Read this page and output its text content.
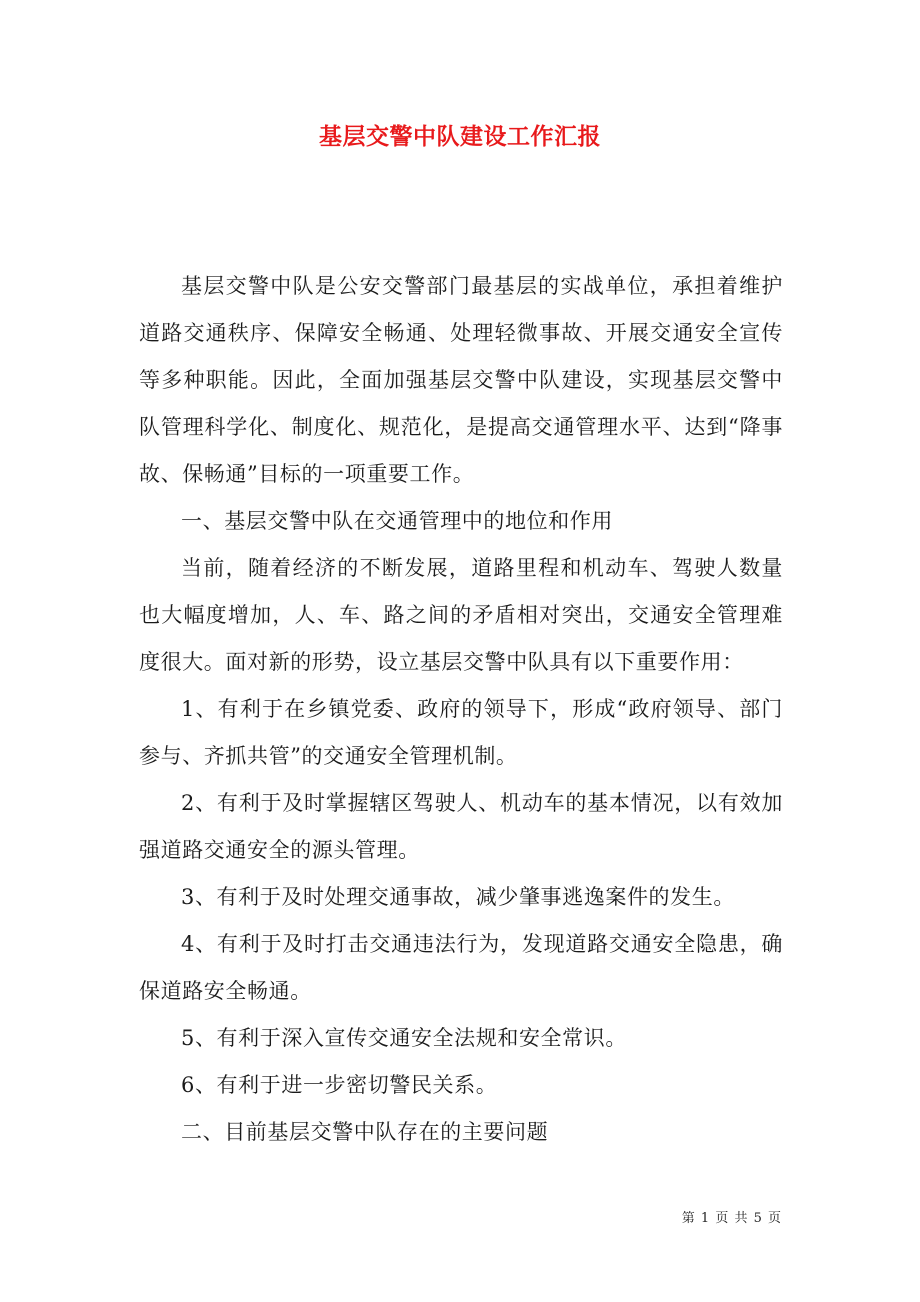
基层交警中队建设工作汇报

基层交警中队是公安交警部门最基层的实战单位，承担着维护道路交通秩序、保障安全畅通、处理轻微事故、开展交通安全宣传等多种职能。因此，全面加强基层交警中队建设，实现基层交警中队管理科学化、制度化、规范化，是提高交通管理水平、达到“降事故、保畅通”目标的一项重要工作。

一、基层交警中队在交通管理中的地位和作用

当前，随着经济的不断发展，道路里程和机动车、驾驶人数量也大幅度增加，人、车、路之间的矛盾相对突出，交通安全管理难度很大。面对新的形势，设立基层交警中队具有以下重要作用：

1、有利于在乡镇党委、政府的领导下，形成“政府领导、部门参与、齐抓共管”的交通安全管理机制。

2、有利于及时掌握辖区驾驶人、机动车的基本情况，以有效加强道路交通安全的源头管理。

3、有利于及时处理交通事故，减少肇事逃逸案件的发生。

4、有利于及时打击交通违法行为，发现道路交通安全隐患，确保道路安全畅通。

5、有利于深入宣传交通安全法规和安全常识。

6、有利于进一步密切警民关系。

二、目前基层交警中队存在的主要问题

第 1 页 共 5 页
